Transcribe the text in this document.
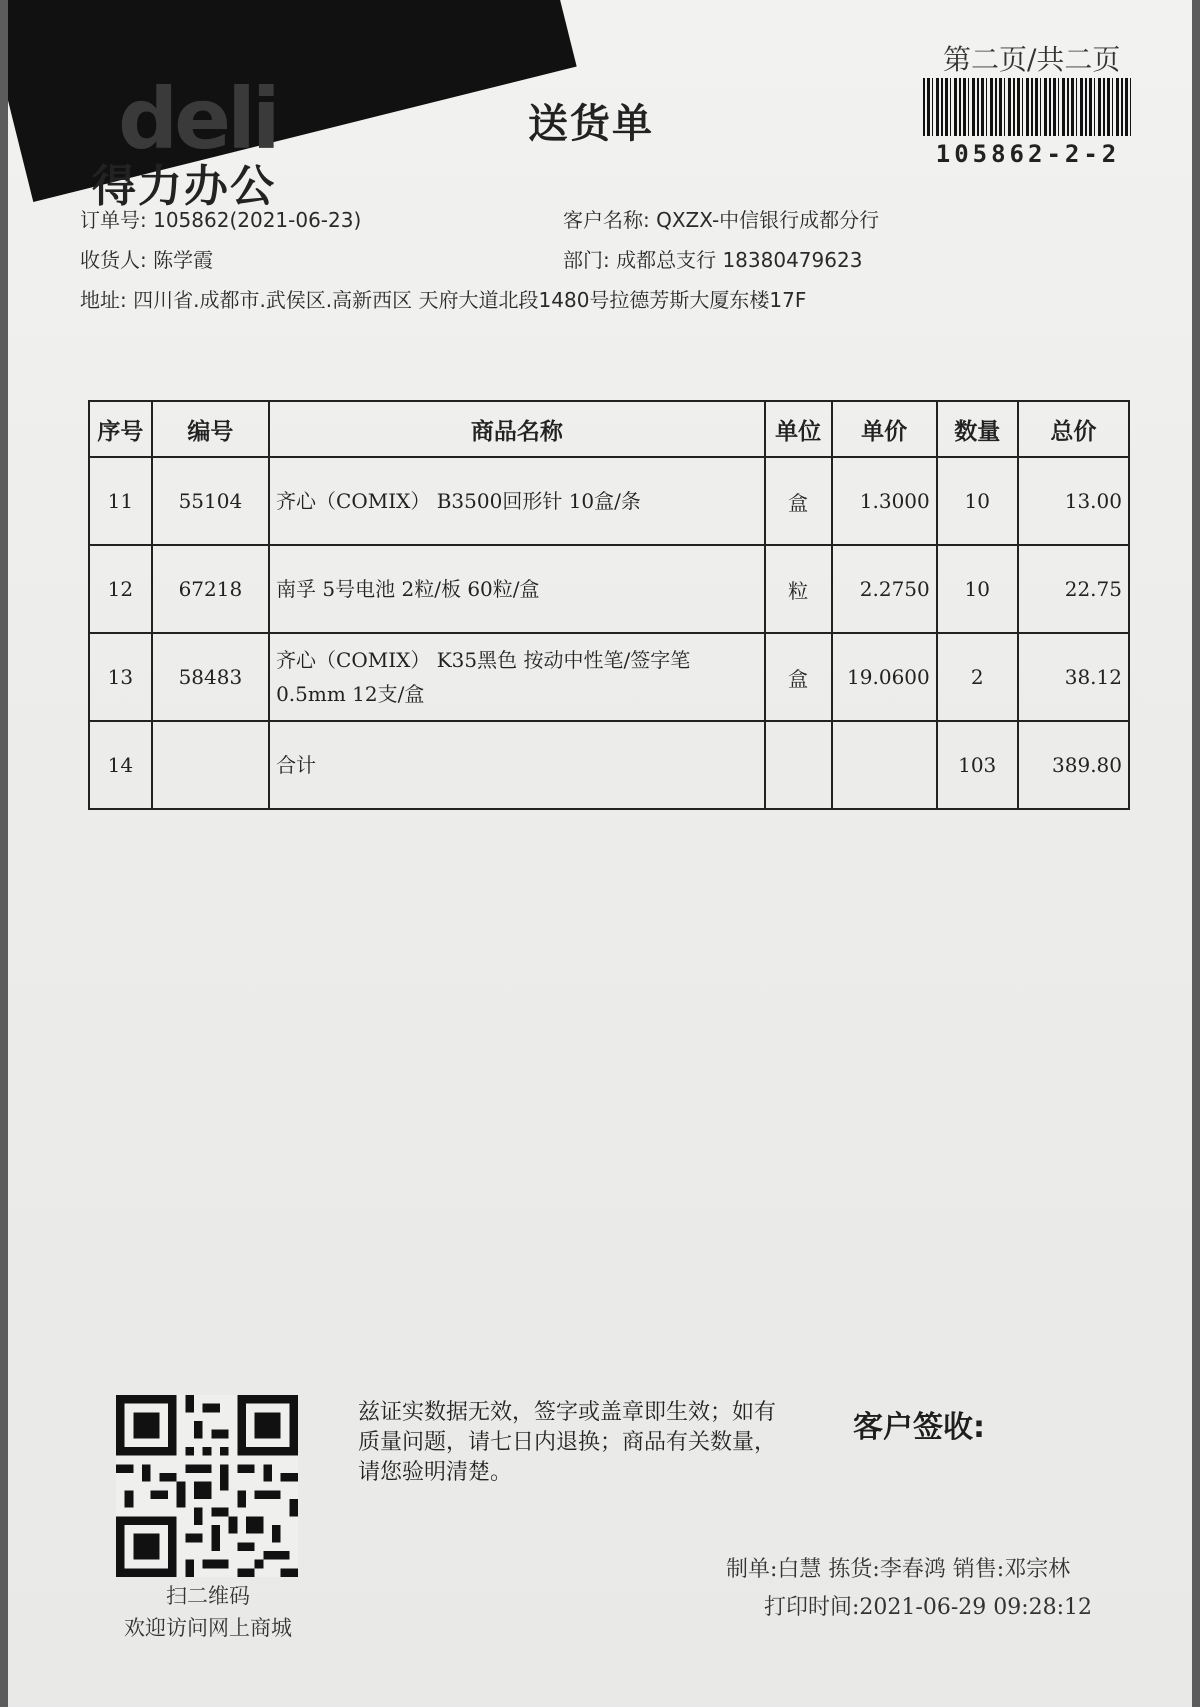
deli
得力办公
送货单
第二页/共二页
105862-2-2
订单号: 105862(2021-06-23)	客户名称: QXZX-中信银行成都分行
收货人: 陈学霞	部门: 成都总支行 18380479623
地址: 四川省.成都市.武侯区.高新西区 天府大道北段1480号拉德芳斯大厦东楼17F
序号	编号	商品名称	单位	单价	数量	总价
11	55104	齐心（COMIX） B3500回形针 10盒/条	盒	1.3000	10	13.00
12	67218	南孚 5号电池 2粒/板 60粒/盒	粒	2.2750	10	22.75
13	58483	齐心（COMIX） K35黑色 按动中性笔/签字笔 0.5mm 12支/盒	盒	19.0600	2	38.12
14		合计			103	389.80
扫二维码
欢迎访问网上商城
兹证实数据无效，签字或盖章即生效；如有质量问题，请七日内退换；商品有关数量，请您验明清楚。
客户签收:
制单:白慧 拣货:李春鸿 销售:邓宗林
打印时间:2021-06-29 09:28:12
